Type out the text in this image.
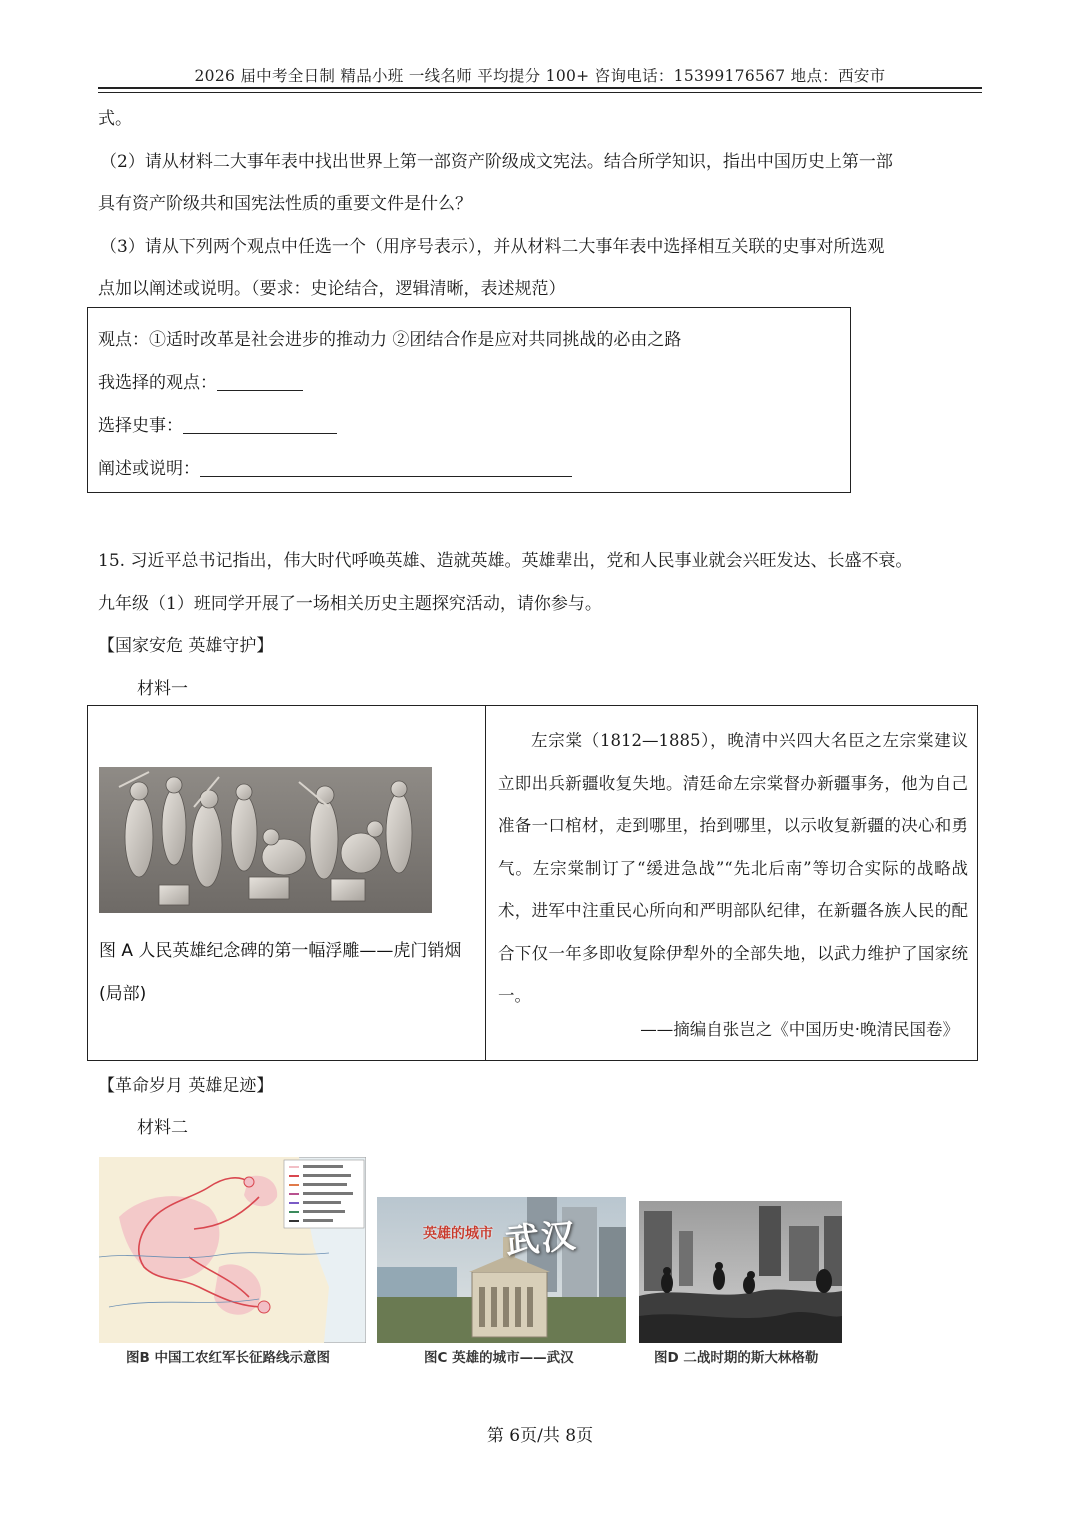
2026 届中考全日制 精品小班 一线名师 平均提分 100+ 咨询电话：15399176567 地点：西安市
式。
（2）请从材料二大事年表中找出世界上第一部资产阶级成文宪法。结合所学知识，指出中国历史上第一部
具有资产阶级共和国宪法性质的重要文件是什么？
（3）请从下列两个观点中任选一个（用序号表示），并从材料二大事年表中选择相互关联的史事对所选观
点加以阐述或说明。（要求：史论结合，逻辑清晰，表述规范）
观点：①适时改革是社会进步的推动力 ②团结合作是应对共同挑战的必由之路
我选择的观点：
选择史事：
阐述或说明：
15. 习近平总书记指出，伟大时代呼唤英雄、造就英雄。英雄辈出，党和人民事业就会兴旺发达、长盛不衰。
九年级（1）班同学开展了一场相关历史主题探究活动，请你参与。
【国家安危 英雄守护】
材料一
图 A 人民英雄纪念碑的第一幅浮雕——虎门销烟(局部)
左宗棠（1812—1885），晚清中兴四大名臣之左宗棠建议立即出兵新疆收复失地。清廷命左宗棠督办新疆事务，他为自己准备一口棺材，走到哪里，抬到哪里，以示收复新疆的决心和勇气。左宗棠制订了“缓进急战”“先北后南”等切合实际的战略战术，进军中注重民心所向和严明部队纪律，在新疆各族人民的配合下仅一年多即收复除伊犁外的全部失地，以武力维护了国家统一。
——摘编自张岂之《中国历史·晚清民国卷》
【革命岁月 英雄足迹】
材料二
图B 中国工农红军长征路线示意图
英雄的城市 武汉
图C 英雄的城市——武汉	图D 二战时期的斯大林格勒
第 6页/共 8页
